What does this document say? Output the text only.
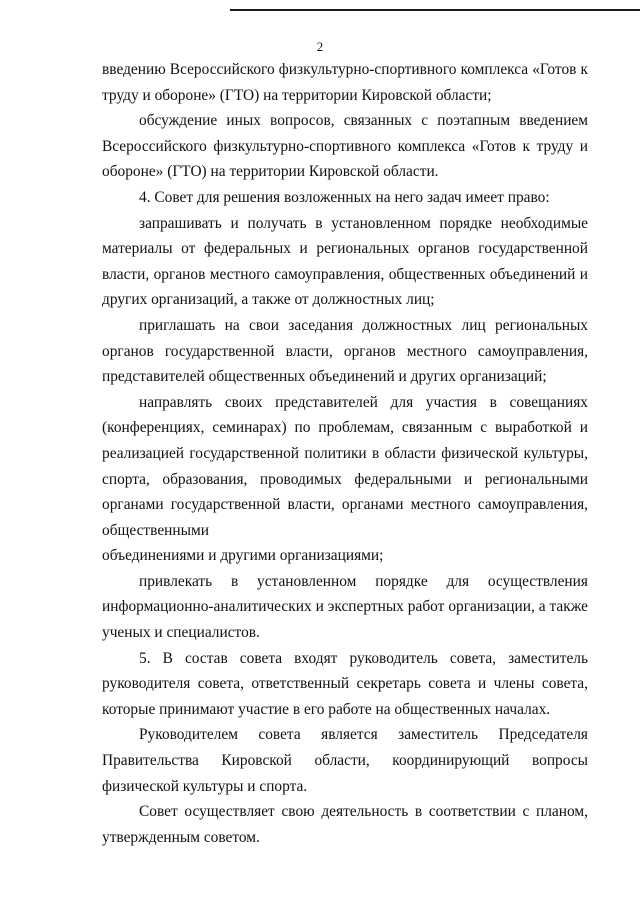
2

введению Всероссийского физкультурно-спортивного комплекса «Готов к труду и обороне» (ГТО) на территории Кировской области;

обсуждение иных вопросов, связанных с поэтапным введением Всероссийского физкультурно-спортивного комплекса «Готов к труду и обороне» (ГТО) на территории Кировской области.

4. Совет для решения возложенных на него задач имеет право:

запрашивать и получать в установленном порядке необходимые материалы от федеральных и региональных органов государственной власти, органов местного самоуправления, общественных объединений и других организаций, а также от должностных лиц;

приглашать на свои заседания должностных лиц региональных органов государственной власти, органов местного самоуправления, представителей общественных объединений и других организаций;

направлять своих представителей для участия в совещаниях (конференциях, семинарах) по проблемам, связанным с выработкой и реализацией государственной политики в области физической культуры, спорта, образования, проводимых федеральными и региональными органами государственной власти, органами местного самоуправления, общественными

объединениями и другими организациями;

привлекать в установленном порядке для осуществления информационно-аналитических и экспертных работ организации, а также ученых и специалистов.

5. В состав совета входят руководитель совета, заместитель руководителя совета, ответственный секретарь совета и члены совета, которые принимают участие в его работе на общественных началах.

Руководителем совета является заместитель Председателя Правительства Кировской области, координирующий вопросы физической культуры и спорта.

Совет осуществляет свою деятельность в соответствии с планом, утвержденным советом.
